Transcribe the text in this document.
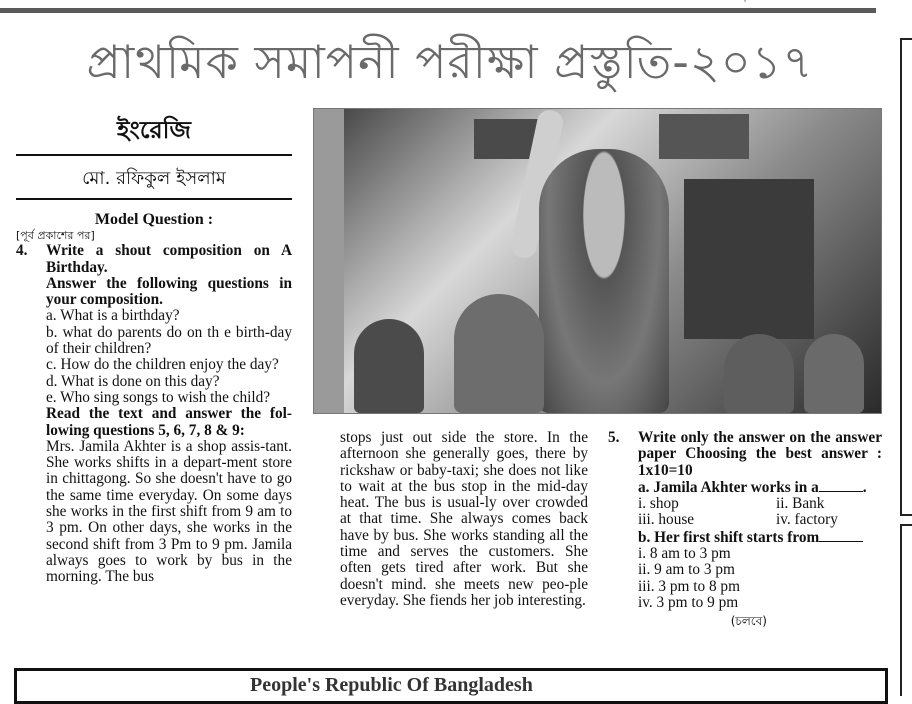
প্রাথমিক সমাপনী পরীক্ষা প্রস্তুতি-২০১৭
ইংরেজি
মো. রফিকুল ইসলাম
Model Question :
[পূর্ব প্রকাশের পর]
4.	Write a shout composition on A Birthday.
Answer the following questions in your composition.
a. What is a birthday?
b. what do parents do on th e birth-day of their children?
c. How do the children enjoy the day?
d. What is done on this day?
e. Who sing songs to wish the child?
Read the text and answer the fol-lowing questions 5, 6, 7, 8 & 9:
Mrs. Jamila Akhter is a shop assis-tant. She works shifts in a depart-ment store in chittagong. So she doesn't have to go the same time everyday. On some days she works in the first shift from 9 am to 3 pm. On other days, she works in the second shift from 3 Pm to 9 pm. Jamila always goes to work by bus in the morning. The bus
stops just out side the store. In the afternoon she generally goes, there by rickshaw or baby-taxi; she does not like to wait at the bus stop in the mid-day heat. The bus is usual-ly over crowded at that time. She always comes back have by bus. She works standing all the time and serves the customers. She often gets tired after work. But she doesn't mind. she meets new peo-ple everyday. She fiends her job interesting.
5.	Write only the answer on the answer paper Choosing the best answer : 1x10=10
a. Jamila Akhter works in a	.
i. shop	ii. Bank
iii. house	iv. factory
b. Her first shift starts from
i. 8 am to 3 pm
ii. 9 am to 3 pm
iii. 3 pm to 8 pm
iv. 3 pm to 9 pm
(চলবে)
People's Republic Of Bangladesh
